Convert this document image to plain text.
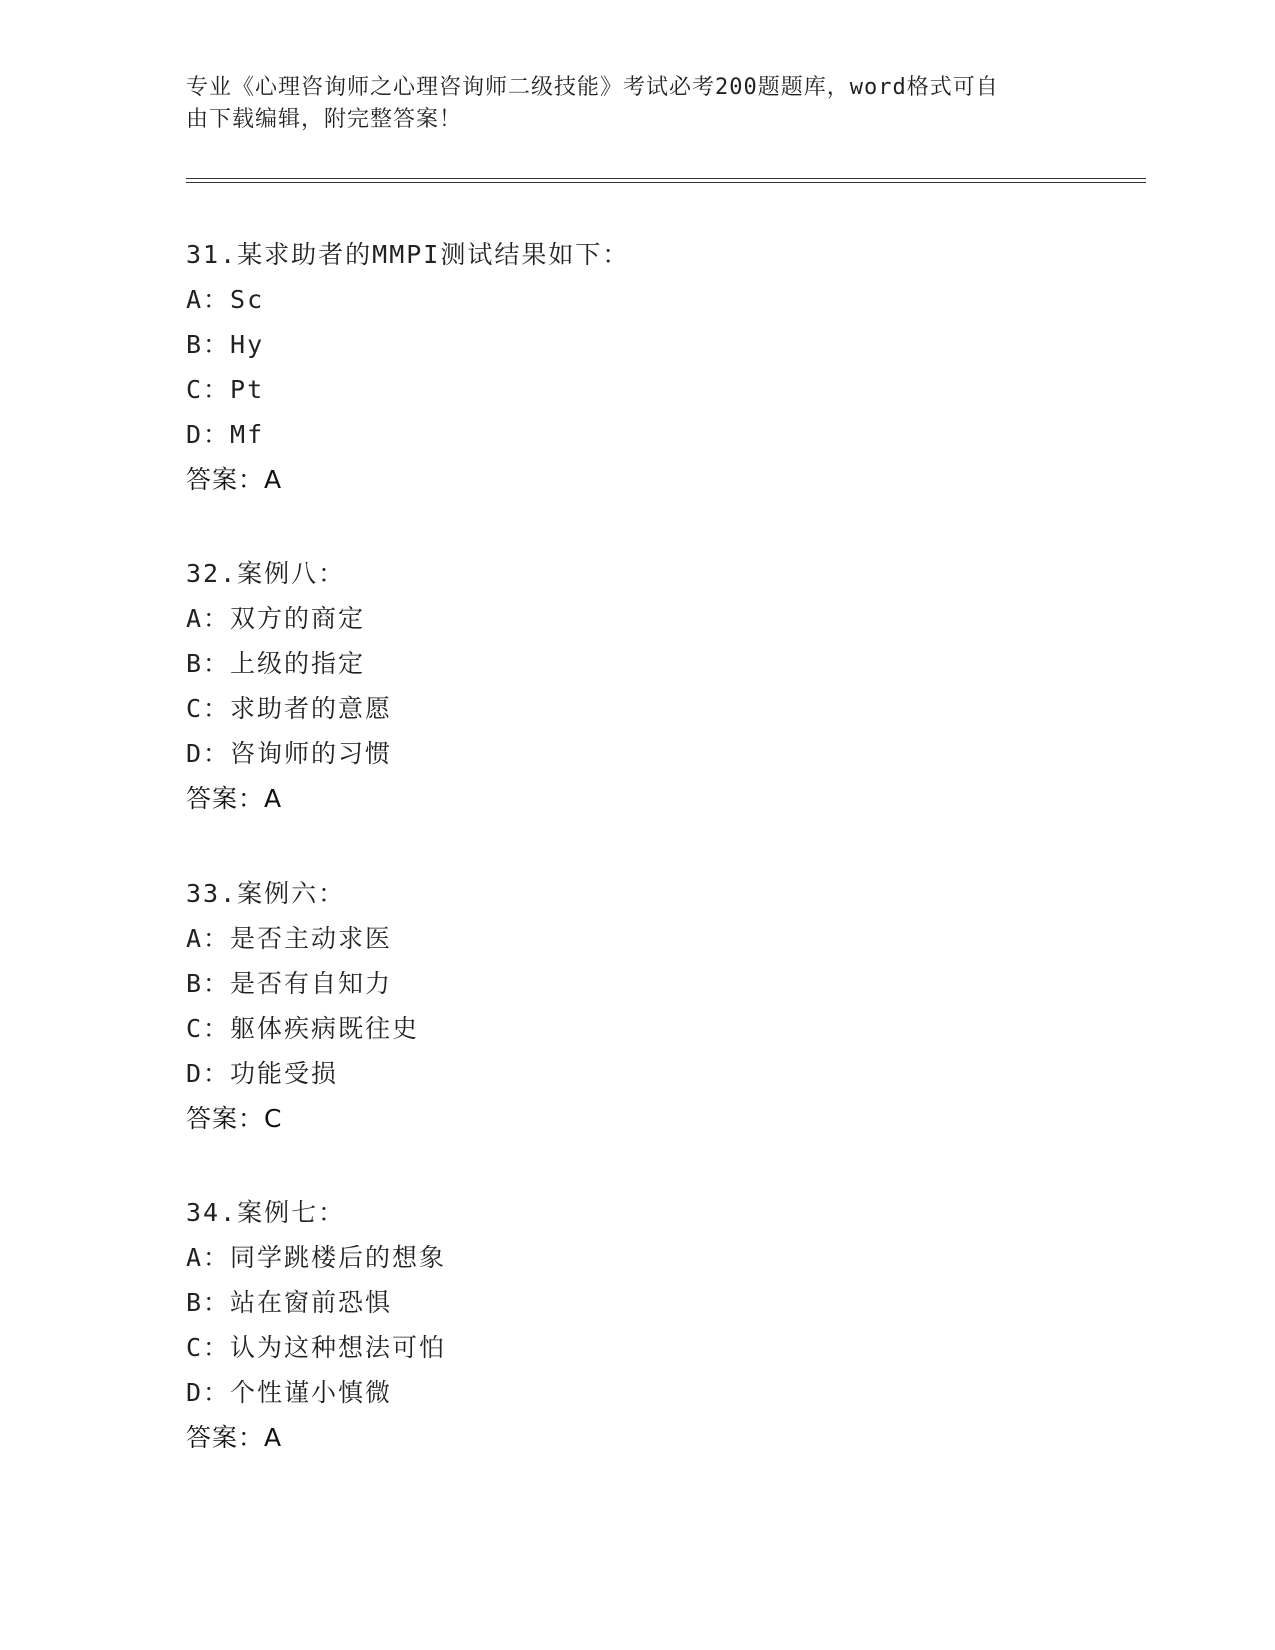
专业《心理咨询师之心理咨询师二级技能》考试必考200题题库，word格式可自
由下载编辑，附完整答案！
31.某求助者的MMPI测试结果如下：
A：Sc
B：Hy
C：Pt
D：Mf
答案：A
32.案例八：
A：双方的商定
B：上级的指定
C：求助者的意愿
D：咨询师的习惯
答案：A
33.案例六：
A：是否主动求医
B：是否有自知力
C：躯体疾病既往史
D：功能受损
答案：C
34.案例七：
A：同学跳楼后的想象
B：站在窗前恐惧
C：认为这种想法可怕
D：个性谨小慎微
答案：A
